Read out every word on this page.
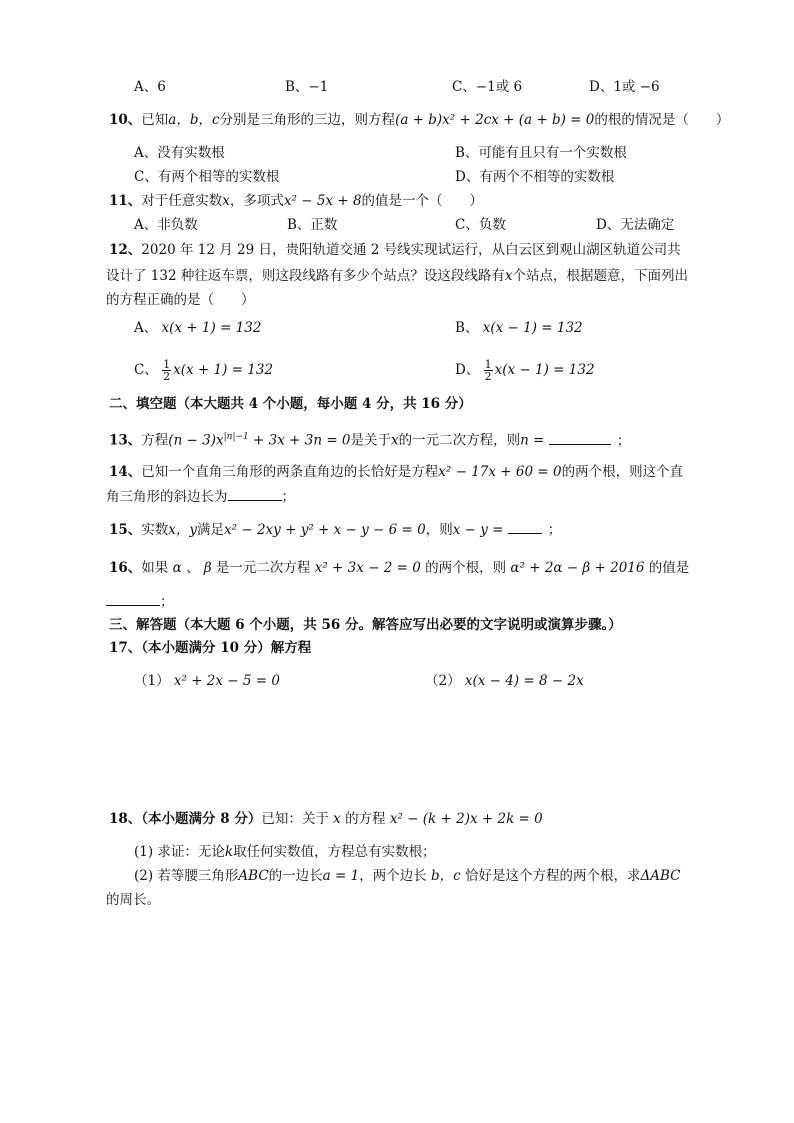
A、6	B、−1	C、−1或 6	D、1或 −6
10、已知a，b，c分别是三角形的三边，则方程(a + b)x² + 2cx + (a + b) = 0的根的情况是（　　）
A、没有实数根	B、可能有且只有一个实数根
C、有两个相等的实数根	D、有两个不相等的实数根
11、对于任意实数x，多项式x² − 5x + 8的值是一个（　　）
A、非负数	B、正数	C、负数	D、无法确定
12、2020 年 12 月 29 日，贵阳轨道交通 2 号线实现试运行，从白云区到观山湖区轨道公司共
设计了 132 种往返车票，则这段线路有多少个站点？设这段线路有x个站点，根据题意，下面列出
的方程正确的是（　　）
A、 x(x + 1) = 132	B、 x(x − 1) = 132
C、 $\frac{1}{2} x(x + 1) = 132$	D、 $\frac{1}{2} x(x - 1) = 132$
二、填空题（本大题共 4 个小题，每小题 4 分，共 16 分）
13、方程$(n - 3)x^{|n|-1} + 3x + 3n = 0$是关于x的一元二次方程，则n =	；
14、已知一个直角三角形的两条直角边的长恰好是方程x² − 17x + 60 = 0的两个根，则这个直
角三角形的斜边长为	；
15、实数x，y满足x² − 2xy + y² + x − y − 6 = 0，则x − y =	；
16、如果 α 、 β 是一元二次方程 x² + 3x − 2 = 0 的两个根，则 α² + 2α − β + 2016 的值是
；
三、解答题（本大题 6 个小题，共 56 分。解答应写出必要的文字说明或演算步骤。）
17、（本小题满分 10 分）解方程
（1） x² + 2x − 5 = 0	（2） x(x − 4) = 8 − 2x
18、（本小题满分 8 分）已知：关于 x 的方程 x² − (k + 2)x + 2k = 0
(1) 求证：无论k取任何实数值，方程总有实数根；
(2) 若等腰三角形ABC的一边长a = 1，两个边长 b，c 恰好是这个方程的两个根，求ΔABC
的周长。
